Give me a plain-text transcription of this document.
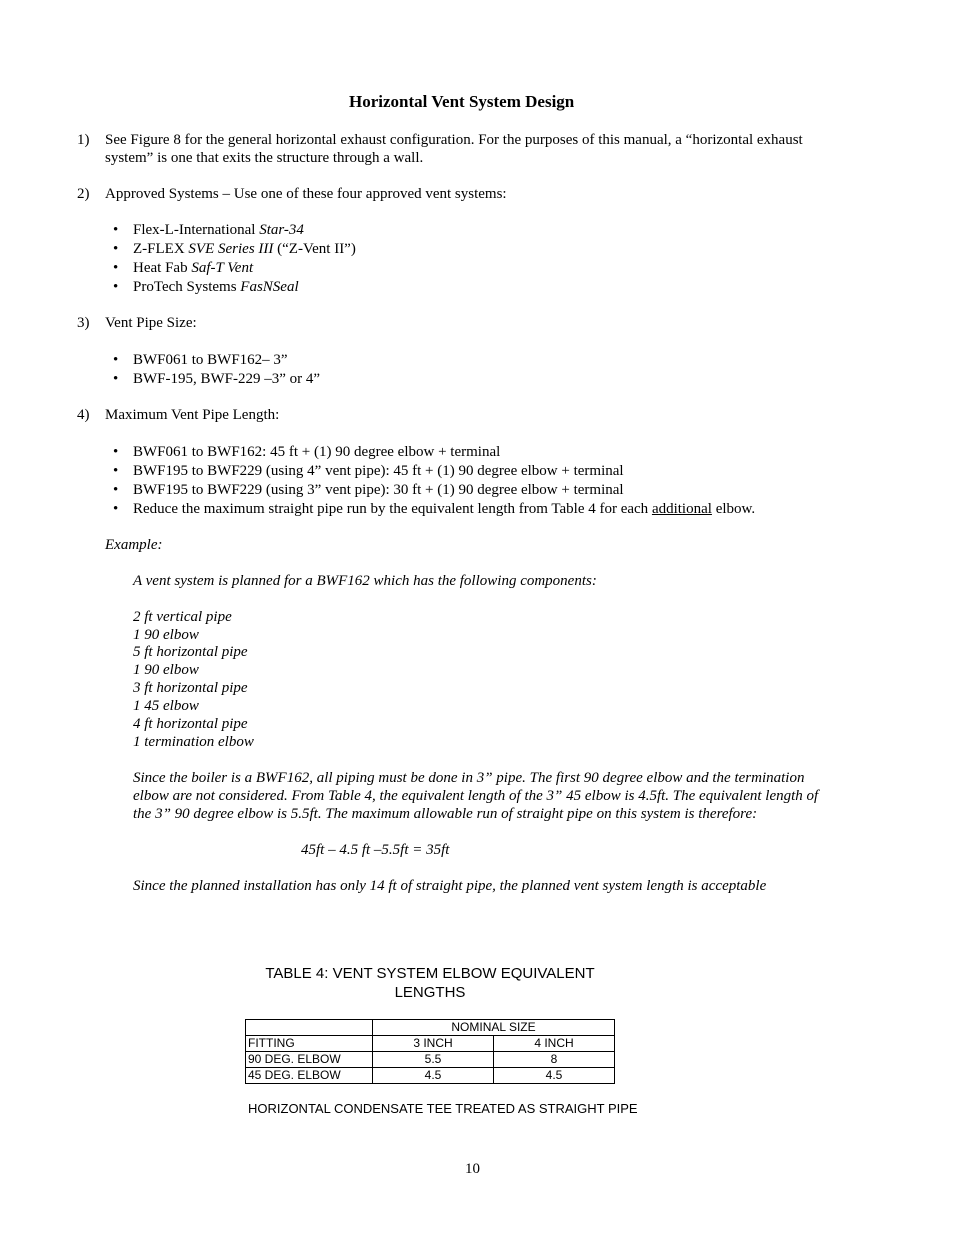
Horizontal Vent System Design
1) See Figure 8 for the general horizontal exhaust configuration. For the purposes of this manual, a “horizontal exhaust
system” is one that exits the structure through a wall.
2) Approved Systems – Use one of these four approved vent systems:
• Flex-L-International Star-34
• Z-FLEX SVE Series III (“Z-Vent II”)
• Heat Fab Saf-T Vent
• ProTech Systems FasNSeal
3) Vent Pipe Size:
• BWF061 to BWF162– 3”
• BWF-195, BWF-229 –3” or 4”
4) Maximum Vent Pipe Length:
• BWF061 to BWF162: 45 ft + (1) 90 degree elbow + terminal
• BWF195 to BWF229 (using 4” vent pipe): 45 ft + (1) 90 degree elbow + terminal
• BWF195 to BWF229 (using 3” vent pipe): 30 ft + (1) 90 degree elbow + terminal
• Reduce the maximum straight pipe run by the equivalent length from Table 4 for each additional elbow.
Example:
A vent system is planned for a BWF162 which has the following components:
2 ft vertical pipe
1 90 elbow
5 ft horizontal pipe
1 90 elbow
3 ft horizontal pipe
1 45 elbow
4 ft horizontal pipe
1 termination elbow
Since the boiler is a BWF162, all piping must be done in 3” pipe. The first 90 degree elbow and the termination
elbow are not considered. From Table 4, the equivalent length of the 3” 45 elbow is 4.5ft. The equivalent length of
the 3” 90 degree elbow is 5.5ft. The maximum allowable run of straight pipe on this system is therefore:
45ft – 4.5 ft –5.5ft = 35ft
Since the planned installation has only 14 ft of straight pipe, the planned vent system length is acceptable
TABLE 4: VENT SYSTEM ELBOW EQUIVALENT
LENGTHS
	NOMINAL SIZE	
FITTING	3 INCH	4 INCH
90 DEG. ELBOW	5.5	8
45 DEG. ELBOW	4.5	4.5
HORIZONTAL CONDENSATE TEE TREATED AS STRAIGHT PIPE
10
